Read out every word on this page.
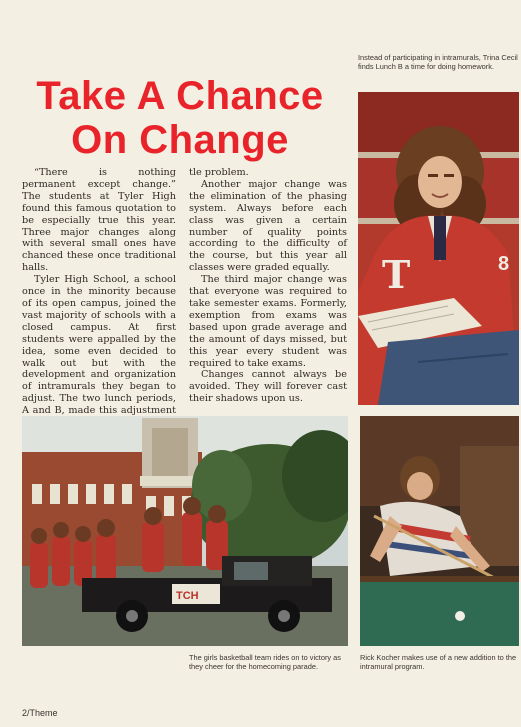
Take A Chance
On Change
Instead of participating in intramurals, Trina Cecil finds Lunch B a time for doing homework.
T	8

“There is nothing permanent except change.” The students at Tyler High found this famous quotation to be especially true this year. Three major changes along with several small ones have chanced these once traditional halls.

Tyler High School, a school once in the minority because of its open campus, joined the vast majority of schools with a closed campus. At first students were appalled by the idea, some even decided to walk out but with the development and organization of intramurals they began to adjust. The two lunch periods, A and B, made this adjustment

tle problem.

Another major change was the elimination of the phasing system. Always before each class was given a certain number of quality points according to the difficulty of the course, but this year all classes were graded equally.

The third major change was that everyone was required to take semester exams. Formerly, exemption from exams was based upon grade average and the amount of days missed, but this year every student was required to take exams.

Changes cannot always be avoided. They will forever cast their shadows upon us.

TCH
The girls basketball team rides on to victory as they cheer for the homecoming parade.
Rick Kocher makes use of a new addition to the intramural program.
2/Theme
